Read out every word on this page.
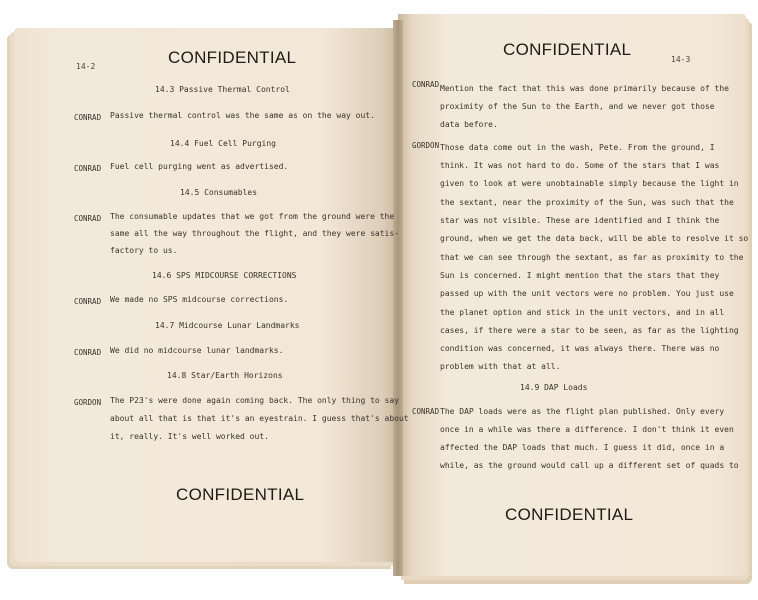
14-2	CONFIDENTIAL
14.3 Passive Thermal Control
CONRAD Passive thermal control was the same as on the way out.
14.4 Fuel Cell Purging
CONRAD Fuel cell purging went as advertised.
14.5 Consumables
CONRAD The consumable updates that we got from the ground were the
same all the way throughout the flight, and they were satis-
factory to us.
14.6 SPS MIDCOURSE CORRECTIONS
CONRAD We made no SPS midcourse corrections.
14.7 Midcourse Lunar Landmarks
CONRAD We did no midcourse lunar landmarks.
14.8 Star/Earth Horizons
GORDON The P23's were done again coming back. The only thing to say
about all that is that it's an eyestrain. I guess that's about
it, really. It's well worked out.
CONFIDENTIAL
CONFIDENTIAL
14-3
CONRAD Mention the fact that this was done primarily because of the
proximity of the Sun to the Earth, and we never got those
data before.
GORDON Those data come out in the wash, Pete. From the ground, I
think. It was not hard to do. Some of the stars that I was
given to look at were unobtainable simply because the light in
the sextant, near the proximity of the Sun, was such that the
star was not visible. These are identified and I think the
ground, when we get the data back, will be able to resolve it so
that we can see through the sextant, as far as proximity to the
Sun is concerned. I might mention that the stars that they
passed up with the unit vectors were no problem. You just use
the planet option and stick in the unit vectors, and in all
cases, if there were a star to be seen, as far as the lighting
condition was concerned, it was always there. There was no
problem with that at all.
14.9 DAP Loads
CONRAD The DAP loads were as the flight plan published. Only every
once in a while was there a difference. I don't think it even
affected the DAP loads that much. I guess it did, once in a
while, as the ground would call up a different set of quads to
CONFIDENTIAL
